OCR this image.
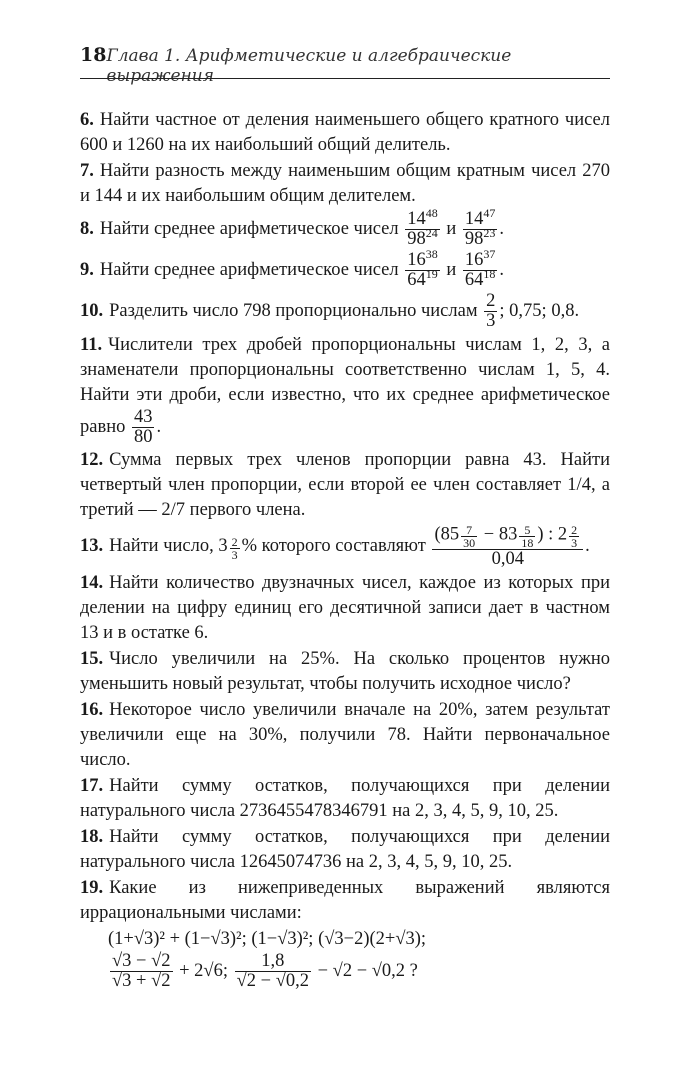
18 Глава 1. Арифметические и алгебраические выражения

6. Найти частное от деления наименьшего общего кратного чисел 600 и 1260 на их наибольший общий делитель.

7. Найти разность между наименьшим общим кратным чисел 270 и 144 и их наибольшим общим делителем.

8. Найти среднее арифметическое чисел $\frac{14^{48}}{98^{24}}$ и $\frac{14^{47}}{98^{23}}$ .

9. Найти среднее арифметическое чисел $\frac{16^{38}}{64^{19}}$ и $\frac{16^{37}}{64^{18}}$ .

10. Разделить число 798 пропорционально числам $\frac{2}{3}$ ; 0,75; 0,8.

11. Числители трех дробей пропорциональны числам 1, 2, 3, а знаменатели пропорциональны соответственно числам 1, 5, 4. Найти эти дроби, если известно, что их среднее арифметическое равно $\frac{43}{80}$ .

12. Сумма первых трех членов пропорции равна 43. Найти четвертый член пропорции, если второй ее член составляет 1/4, а третий — 2/7 первого члена.

13. Найти число, $3 \frac{2}{3}$ % которого составляют $\frac{(85 \frac{7}{30} - 83 \frac{5}{18} ) : 2 \frac{2}{3}}{0,04}$ .

14. Найти количество двузначных чисел, каждое из которых при делении на цифру единиц его десятичной записи дает в частном 13 и в остатке 6.

15. Число увеличили на 25%. На сколько процентов нужно уменьшить новый результат, чтобы получить исходное число?

16. Некоторое число увеличили вначале на 20%, затем результат увеличили еще на 30%, получили 78. Найти первоначальное число.

17. Найти сумму остатков, получающихся при делении натурального числа 2736455478346791 на 2, 3, 4, 5, 9, 10, 25.

18. Найти сумму остатков, получающихся при делении натурального числа 12645074736 на 2, 3, 4, 5, 9, 10, 25.

19. Какие из нижеприведенных выражений являются иррациональными числами:

(1+√3)² + (1−√3)²; (1−√3)²; (√3−2)(2+√3);
$\frac{√3 - √2}{√3 + √2} + 2√6$; $\frac{1,8}{√2 - √0,2} - √2 - √0,2$ ?
